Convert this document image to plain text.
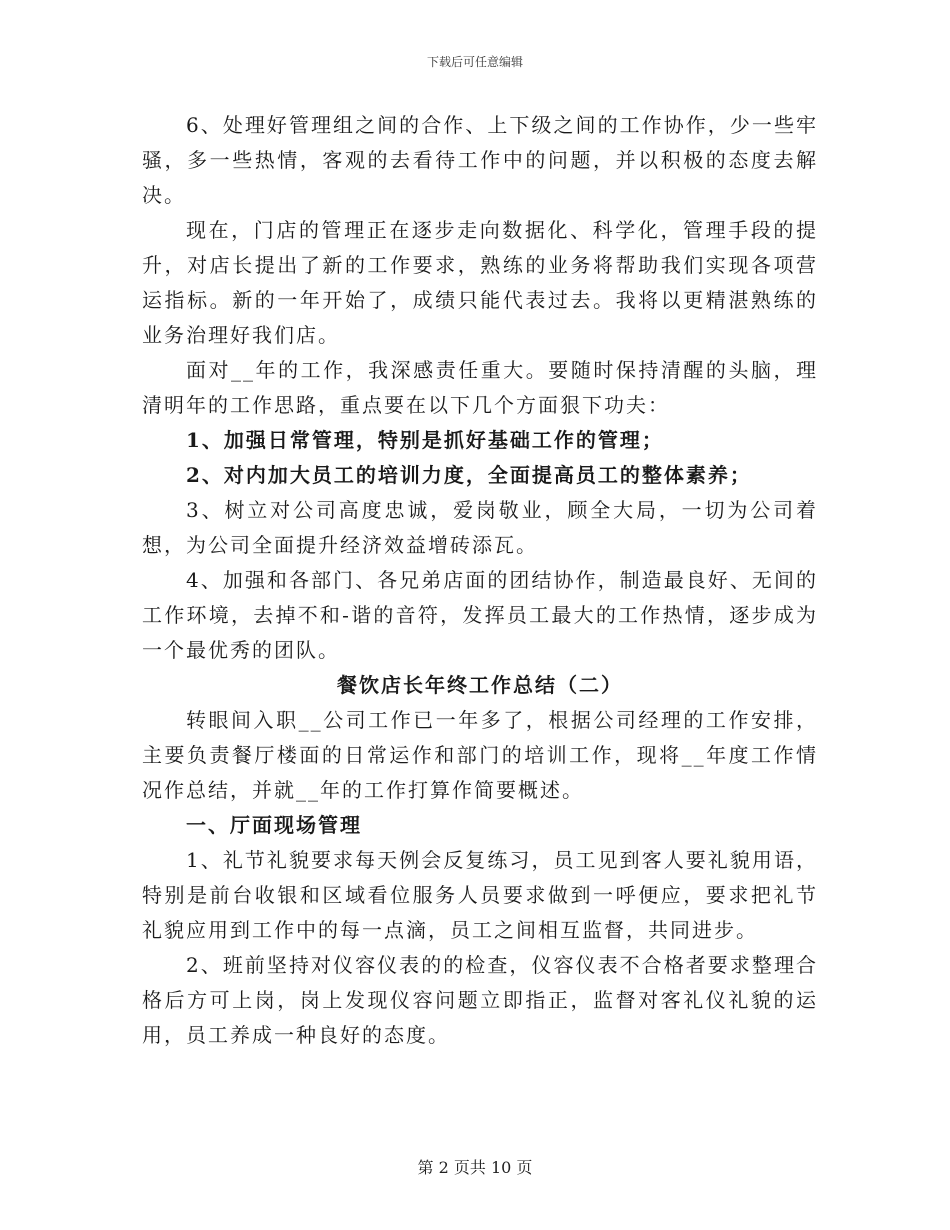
下载后可任意编辑

6、处理好管理组之间的合作、上下级之间的工作协作，少一些牢骚，多一些热情，客观的去看待工作中的问题，并以积极的态度去解决。

现在，门店的管理正在逐步走向数据化、科学化，管理手段的提升，对店长提出了新的工作要求，熟练的业务将帮助我们实现各项营运指标。新的一年开始了，成绩只能代表过去。我将以更精湛熟练的业务治理好我们店。

面对__年的工作，我深感责任重大。要随时保持清醒的头脑，理清明年的工作思路，重点要在以下几个方面狠下功夫：

1、加强日常管理，特别是抓好基础工作的管理；

2、对内加大员工的培训力度，全面提高员工的整体素养；

3、树立对公司高度忠诚，爱岗敬业，顾全大局，一切为公司着想，为公司全面提升经济效益增砖添瓦。

4、加强和各部门、各兄弟店面的团结协作，制造最良好、无间的工作环境，去掉不和-谐的音符，发挥员工最大的工作热情，逐步成为一个最优秀的团队。

餐饮店长年终工作总结（二）

转眼间入职__公司工作已一年多了，根据公司经理的工作安排，主要负责餐厅楼面的日常运作和部门的培训工作，现将__年度工作情况作总结，并就__年的工作打算作简要概述。

一、厅面现场管理

1、礼节礼貌要求每天例会反复练习，员工见到客人要礼貌用语，特别是前台收银和区域看位服务人员要求做到一呼便应，要求把礼节礼貌应用到工作中的每一点滴，员工之间相互监督，共同进步。

2、班前坚持对仪容仪表的的检查，仪容仪表不合格者要求整理合格后方可上岗，岗上发现仪容问题立即指正，监督对客礼仪礼貌的运用，员工养成一种良好的态度。

第 2 页共 10 页
